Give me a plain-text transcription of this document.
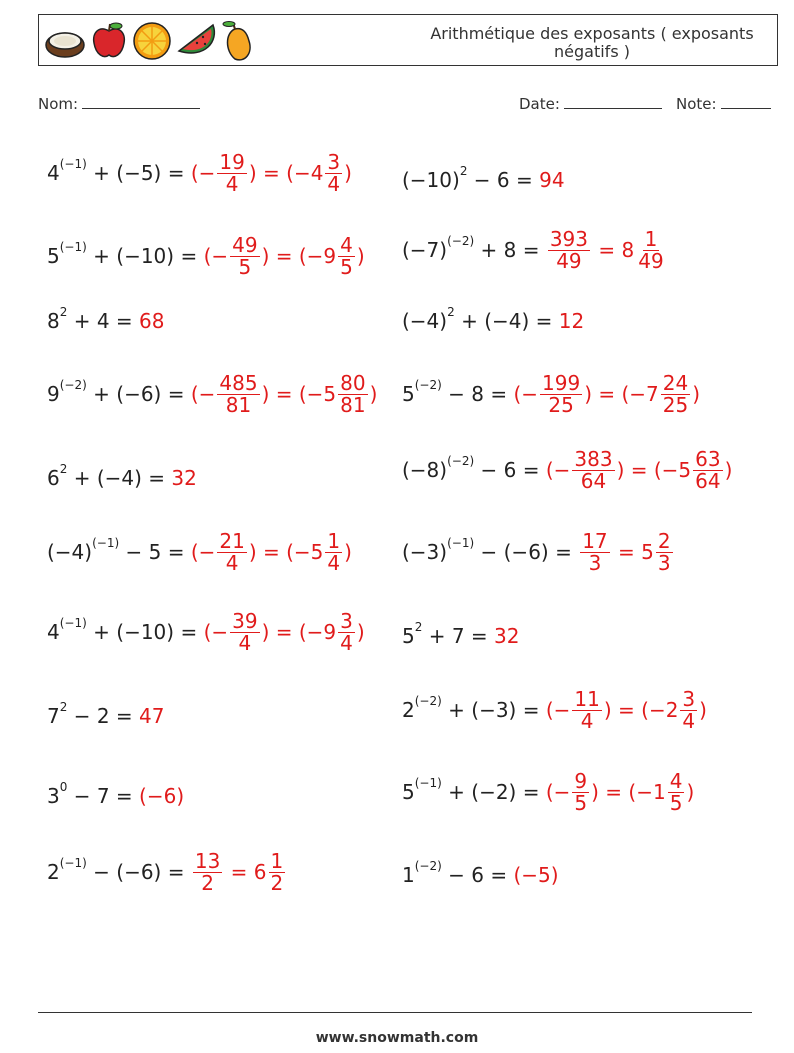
Arithmétique des exposants ( exposants négatifs )
Nom:	Date:	Note:
$4^{(-1)} + (-5)$ = (− $\frac{19}{4}$ ) = ($-4 \frac{3}{4}$ )
$5^{(-1)} + (-10)$ = (− $\frac{49}{5}$ ) = ($-9 \frac{4}{5}$ )
$8^2 + 4 = 68$
$9^{(-2)} + (-6)$ = (− $\frac{485}{81}$ ) = ($-5 \frac{80}{81}$ )
$6^2 + (-4) = 32$
$(-4)^{(-1)} - 5$ = (− $\frac{21}{4}$ ) = ($-5 \frac{1}{4}$ )
$4^{(-1)} + (-10)$ = (− $\frac{39}{4}$ ) = ($-9 \frac{3}{4}$ )
$7^2 - 2 = 47$
$3^0 - 7 = (-6)$
$2^{(-1)} - (-6) = \frac{13}{2} = 6 \frac{1}{2}$
$(-10)^2 - 6 = 94$
$(-7)^{(-2)} + 8 = \frac{393}{49} = 8 \frac{1}{49}$
$(-4)^2 + (-4) = 12$
$5^{(-2)} - 8$ = (− $\frac{199}{25}$ ) = ($-7 \frac{24}{25}$ )
$(-8)^{(-2)} - 6$ = (− $\frac{383}{64}$ ) = ($-5 \frac{63}{64}$ )
$(-3)^{(-1)} - (-6) = \frac{17}{3} = 5 \frac{2}{3}$
$5^2 + 7 = 32$
$2^{(-2)} + (-3)$ = (− $\frac{11}{4}$ ) = ($-2 \frac{3}{4}$ )
$5^{(-1)} + (-2)$ = (− $\frac{9}{5}$ ) = ($-1 \frac{4}{5}$ )
$1^{(-2)} - 6 = (-5)$
www.snowmath.com
